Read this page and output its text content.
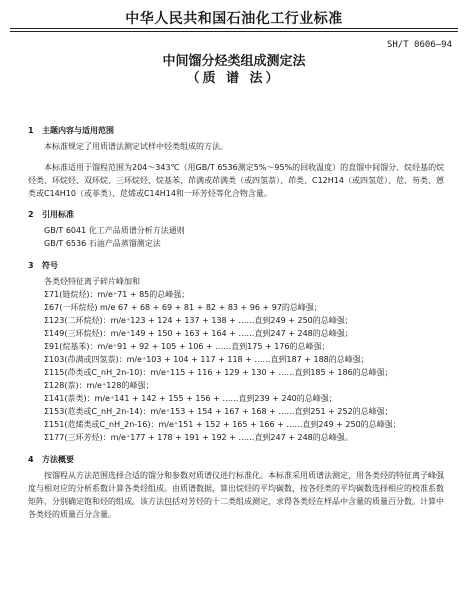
中华人民共和国石油化工行业标准
SH/T 0606—94
中间馏分烃类组成测定法
（质 谱 法）
1 主题内容与适用范围
本标准规定了用质谱法测定试样中烃类组成的方法。
本标准适用于馏程范围为204～343℃（用GB/T 6536测定5%～95%的回收温度）的直馏中间馏分、烷烃基的烷烃类、环烷烃、双环烷、三环烷烃、烷基苯、茚满或茚满类（或四氢萘）、茚类、C12H14（或四氢苊）、苊、芴类、蒽类或C14H10（或菲类）、苊烯或C14H14和一环芳烃等化合物含量。
2 引用标准
GB/T 6041 化工产品质谱分析方法通则
GB/T 6536 石油产品蒸馏测定法
3 符号
各类烃特征离子碎片峰加和
Σ71(链烷烃)：m/e⁺71 + 85的总峰强；
Σ67(一环烷烃) m/e 67 + 68 + 69 + 81 + 82 + 83 + 96 + 97的总峰强；
Σ123(二环烷烃)：m/e⁺123 + 124 + 137 + 138 + ……直到249 + 250的总峰强；
Σ149(三环烷烃)：m/e⁺149 + 150 + 163 + 164 + ……直到247 + 248的总峰强；
Σ91(烷基苯)：m/e⁺91 + 92 + 105 + 106 + ……直到175 + 176的总峰强；
Σ103(茚满或四氢萘)：m/e⁺103 + 104 + 117 + 118 + ……直到187 + 188的总峰强；
Σ115(茚类或C_nH_2n-10)：m/e⁺115 + 116 + 129 + 130 + ……直到185 + 186的总峰强；
Σ128(萘)：m/e⁺128的峰强；
Σ141(萘类)：m/e⁺141 + 142 + 155 + 156 + ……直到239 + 240的总峰强；
Σ153(苊类或C_nH_2n-14)：m/e⁺153 + 154 + 167 + 168 + ……直到251 + 252的总峰强；
Σ151(苊烯类或C_nH_2n-16)：m/e⁺151 + 152 + 165 + 166 + ……直到249 + 250的总峰强；
Σ177(三环芳烃)：m/e⁺177 + 178 + 191 + 192 + ……直到247 + 248的总峰强。
4 方法概要
按馏程从方法范围选择合适的馏分和参数对质谱仪进行标准化。本标准采用质谱法测定，用各类烃的特征离子峰强度与相对应的分析系数计算各类烃组成。由质谱数据，算出烷烃的平均碳数，按各烃类的平均碳数选择相应的校准系数矩阵，分别确定饱和烃的组成。该方法包括对芳烃的十二类组成测定，求得各类烃在样品中含量的质量百分数。计算中各类烃的质量百分含量。
